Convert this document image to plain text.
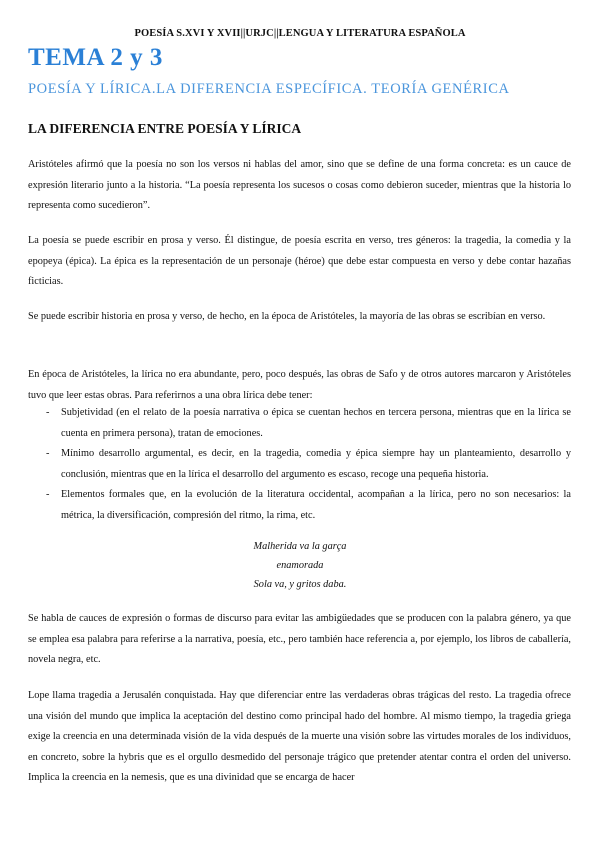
POESÍA S.XVI Y XVII||URJC||LENGUA Y LITERATURA ESPAÑOLA
TEMA 2 y 3
POESÍA Y LÍRICA.LA DIFERENCIA ESPECÍFICA. TEORÍA GENÉRICA
LA DIFERENCIA ENTRE POESÍA Y LÍRICA

Aristóteles afirmó que la poesía no son los versos ni hablas del amor, sino que se define de una forma concreta: es un cauce de expresión literario junto a la historia. “La poesía representa los sucesos o cosas como debieron suceder, mientras que la historia lo representa como sucedieron”.

La poesía se puede escribir en prosa y verso. Él distingue, de poesía escrita en verso, tres géneros: la tragedia, la comedia y la epopeya (épica). La épica es la representación de un personaje (héroe) que debe estar compuesta en verso y debe contar hazañas ficticias.

Se puede escribir historia en prosa y verso, de hecho, en la época de Aristóteles, la mayoría de las obras se escribían en verso.

En época de Aristóteles, la lírica no era abundante, pero, poco después, las obras de Safo y de otros autores marcaron y Aristóteles tuvo que leer estas obras. Para referirnos a una obra lírica debe tener:

- Subjetividad (en el relato de la poesía narrativa o épica se cuentan hechos en tercera persona, mientras que en la lírica se cuenta en primera persona), tratan de emociones.
- Mínimo desarrollo argumental, es decir, en la tragedia, comedia y épica siempre hay un planteamiento, desarrollo y conclusión, mientras que en la lírica el desarrollo del argumento es escaso, recoge una pequeña historia.
- Elementos formales que, en la evolución de la literatura occidental, acompañan a la lírica, pero no son necesarios: la métrica, la diversificación, compresión del ritmo, la rima, etc.
Malherida va la garça
enamorada
Sola va, y gritos daba.

Se habla de cauces de expresión o formas de discurso para evitar las ambigüedades que se producen con la palabra género, ya que se emplea esa palabra para referirse a la narrativa, poesía, etc., pero también hace referencia a, por ejemplo, los libros de caballería, novela negra, etc.

Lope llama tragedia a Jerusalén conquistada. Hay que diferenciar entre las verdaderas obras trágicas del resto. La tragedia ofrece una visión del mundo que implica la aceptación del destino como principal hado del hombre. Al mismo tiempo, la tragedia griega exige la creencia en una determinada visión de la vida después de la muerte una visión sobre las virtudes morales de los individuos, en concreto, sobre la hybris que es el orgullo desmedido del personaje trágico que pretender atentar contra el orden del universo. Implica la creencia en la nemesis, que es una divinidad que se encarga de hacer
